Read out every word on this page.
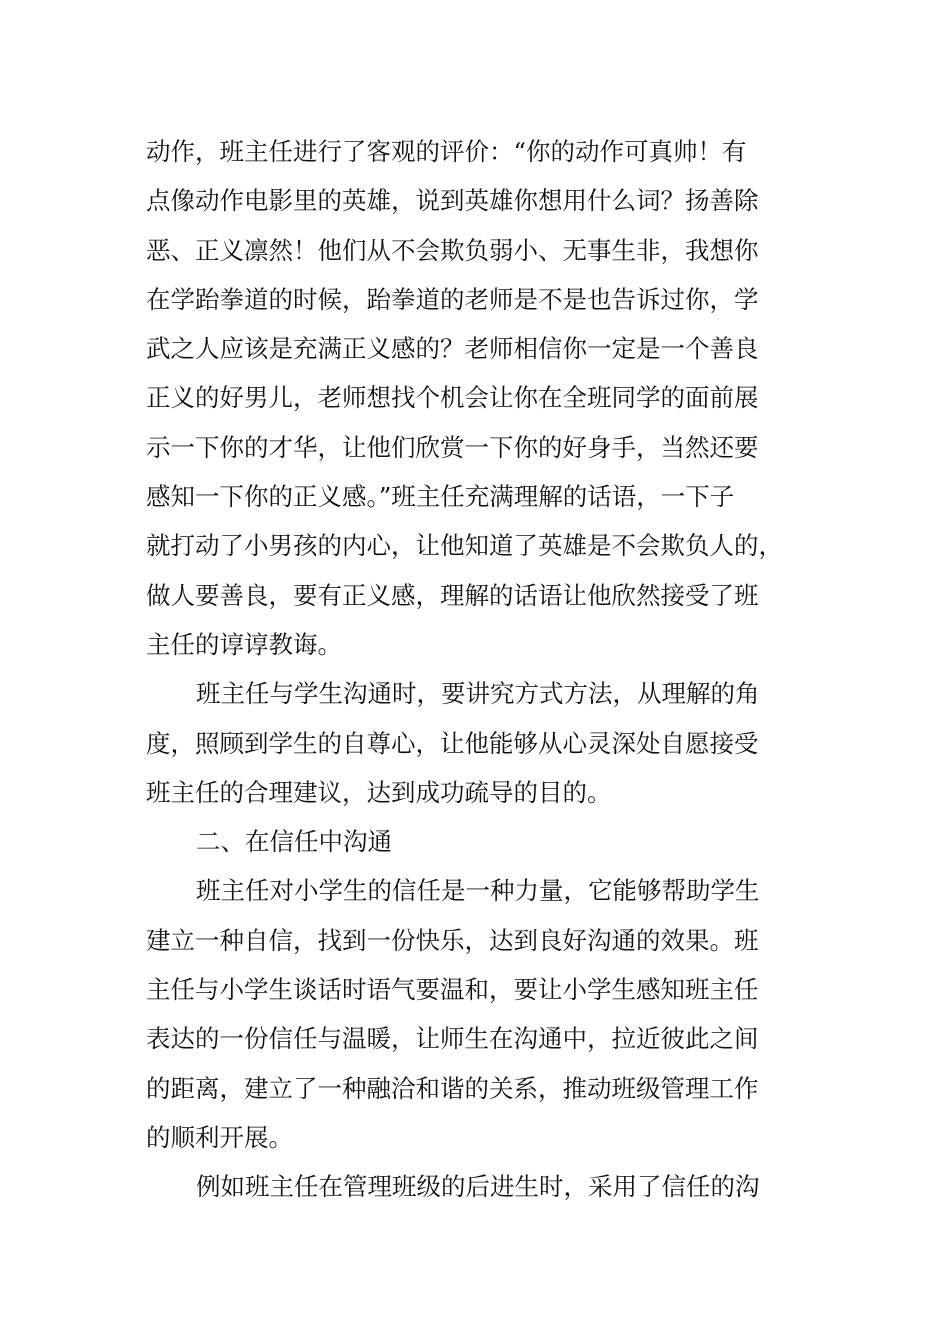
动作，班主任进行了客观的评价：“你的动作可真帅！有
点像动作电影里的英雄，说到英雄你想用什么词？扬善除
恶、正义凛然！他们从不会欺负弱小、无事生非，我想你
在学跆拳道的时候，跆拳道的老师是不是也告诉过你，学
武之人应该是充满正义感的？老师相信你一定是一个善良
正义的好男儿，老师想找个机会让你在全班同学的面前展
示一下你的才华，让他们欣赏一下你的好身手，当然还要
感知一下你的正义感。”班主任充满理解的话语，一下子
就打动了小男孩的内心，让他知道了英雄是不会欺负人的，
做人要善良，要有正义感，理解的话语让他欣然接受了班
主任的谆谆教诲。
班主任与学生沟通时，要讲究方式方法，从理解的角
度，照顾到学生的自尊心，让他能够从心灵深处自愿接受
班主任的合理建议，达到成功疏导的目的。
二、在信任中沟通
班主任对小学生的信任是一种力量，它能够帮助学生
建立一种自信，找到一份快乐，达到良好沟通的效果。班
主任与小学生谈话时语气要温和，要让小学生感知班主任
表达的一份信任与温暖，让师生在沟通中，拉近彼此之间
的距离，建立了一种融洽和谐的关系，推动班级管理工作
的顺利开展。
例如班主任在管理班级的后进生时，采用了信任的沟
